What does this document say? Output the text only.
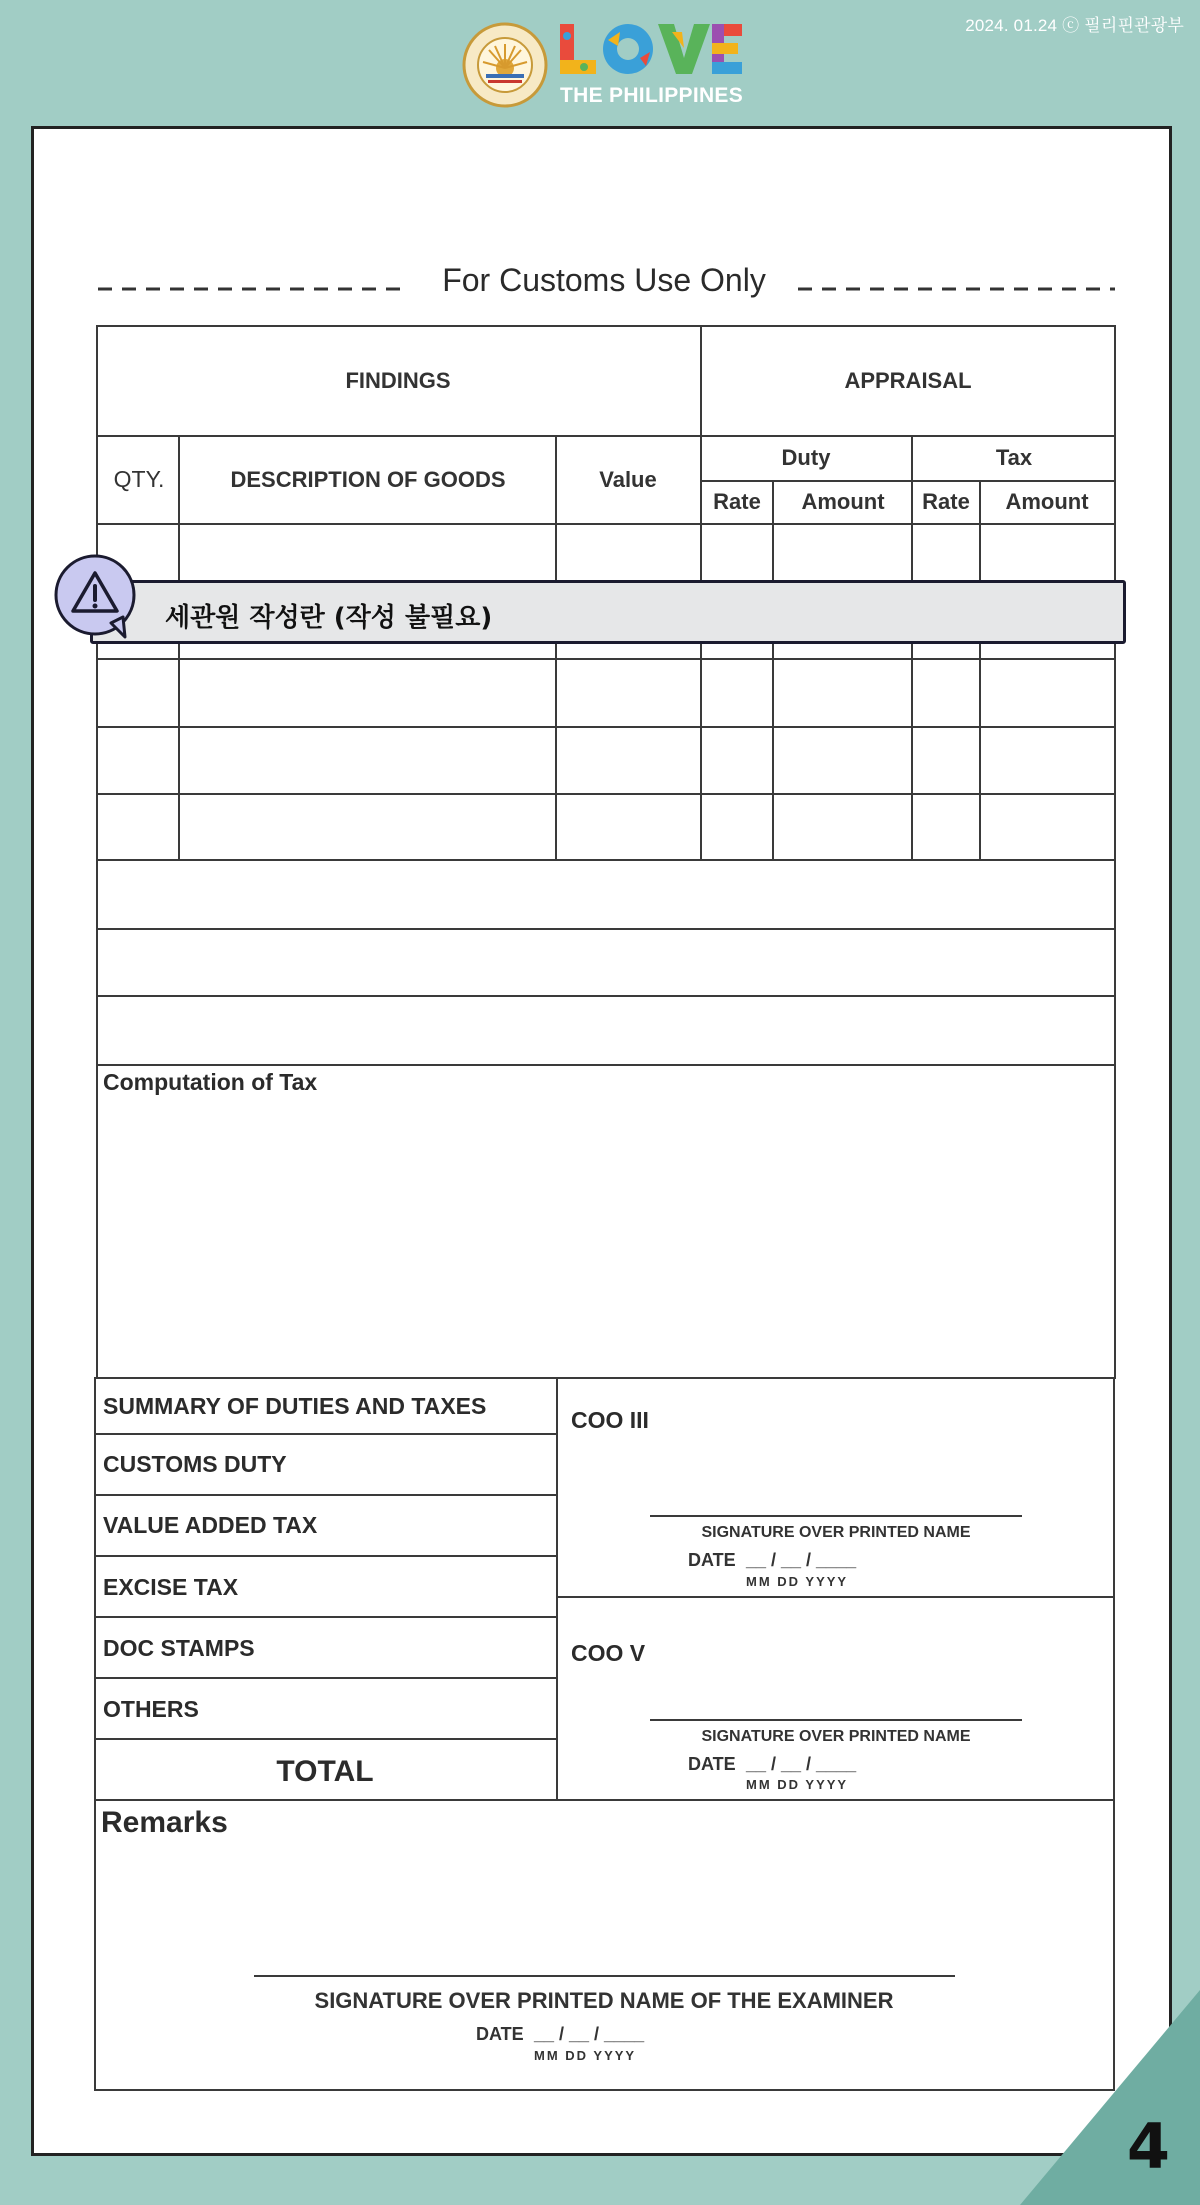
2024. 01.24 ⓒ 필리핀관광부
THE PHILIPPINES
For Customs Use Only
FINDINGS	APPRAISAL
QTY.	DESCRIPTION OF GOODS	Value
Duty	Tax
Rate Amount Rate Amount
Computation of Tax
SUMMARY OF DUTIES AND TAXES
CUSTOMS DUTY
VALUE ADDED TAX
EXCISE TAX
DOC STAMPS
OTHERS
TOTAL
COO III
SIGNATURE OVER PRINTED NAME
DATE __ / __ / ____
MM DD YYYY
COO V
SIGNATURE OVER PRINTED NAME
DATE __ / __ / ____
MM DD YYYY
Remarks
SIGNATURE OVER PRINTED NAME OF THE EXAMINER
DATE __ / __ / ____
MM DD YYYY
세관원 작성란 (작성 불필요)
4
